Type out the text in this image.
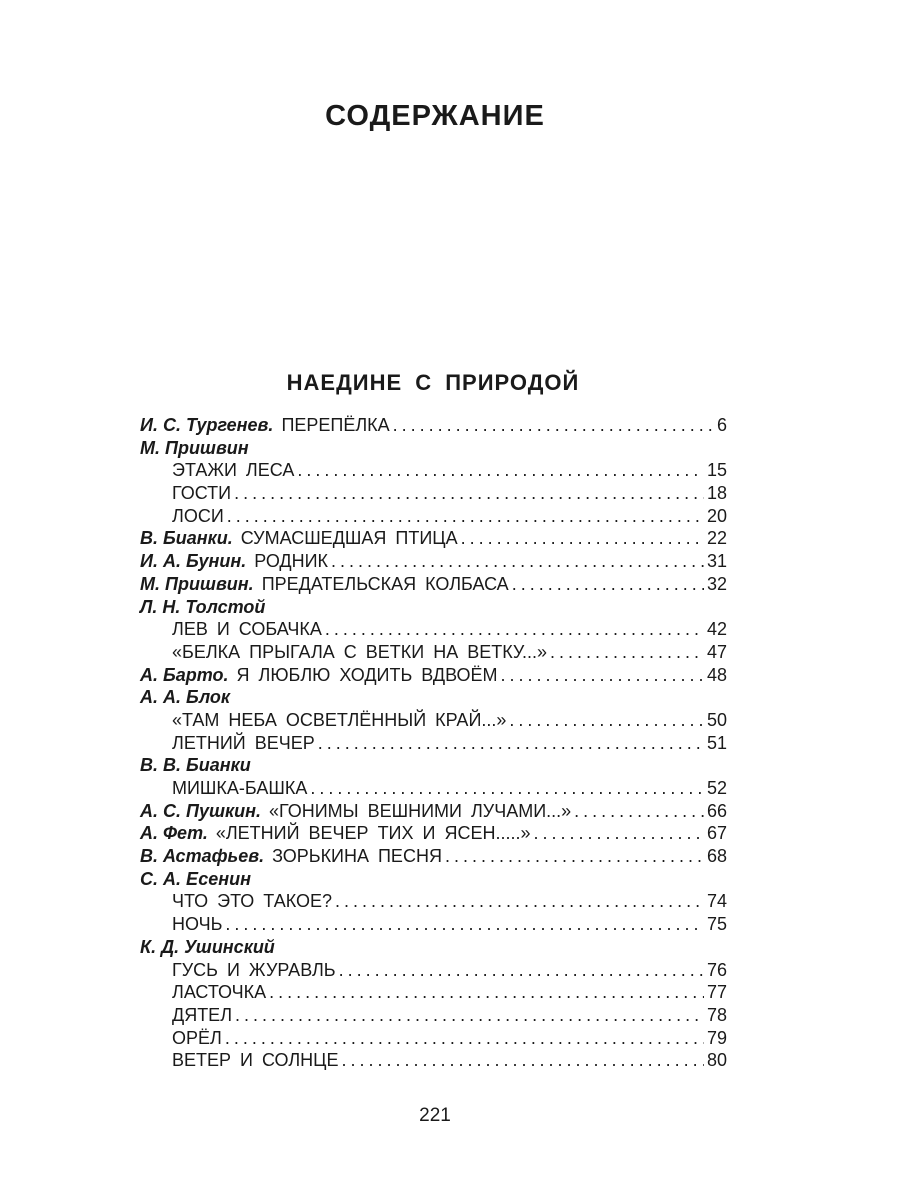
СОДЕРЖАНИЕ
НАЕДИНЕ С ПРИРОДОЙ
И. С. Тургенев. ПЕРЕПЁЛКА . . .	6
М. Пришвин
ЭТАЖИ ЛЕСА . . .	15
ГОСТИ . . .	18
ЛОСИ . . .	20
В. Бианки. СУМАСШЕДШАЯ ПТИЦА . . .	22
И. А. Бунин. РОДНИК . . .	31
М. Пришвин. ПРЕДАТЕЛЬСКАЯ КОЛБАСА . . .	32
Л. Н. Толстой
ЛЕВ И СОБАЧКА . . .	42
«БЕЛКА ПРЫГАЛА С ВЕТКИ НА ВЕТКУ...» . . .	47
А. Барто. Я ЛЮБЛЮ ХОДИТЬ ВДВОЁМ . . .	48
А. А. Блок
«ТАМ НЕБА ОСВЕТЛЁННЫЙ КРАЙ...» . . .	50
ЛЕТНИЙ ВЕЧЕР . . .	51
В. В. Бианки
МИШКА-БАШКА . . .	52
А. С. Пушкин. «ГОНИМЫ ВЕШНИМИ ЛУЧАМИ...» . . .	66
А. Фет. «ЛЕТНИЙ ВЕЧЕР ТИХ И ЯСЕН.....» . . .	67
В. Астафьев. ЗОРЬКИНА ПЕСНЯ . . .	68
С. А. Есенин
ЧТО ЭТО ТАКОЕ? . . .	74
НОЧЬ . . .	75
К. Д. Ушинский
ГУСЬ И ЖУРАВЛЬ . . .	76
ЛАСТОЧКА . . .	77
ДЯТЕЛ . . .	78
ОРЁЛ . . .	79
ВЕТЕР И СОЛНЦЕ . . .	80
221
